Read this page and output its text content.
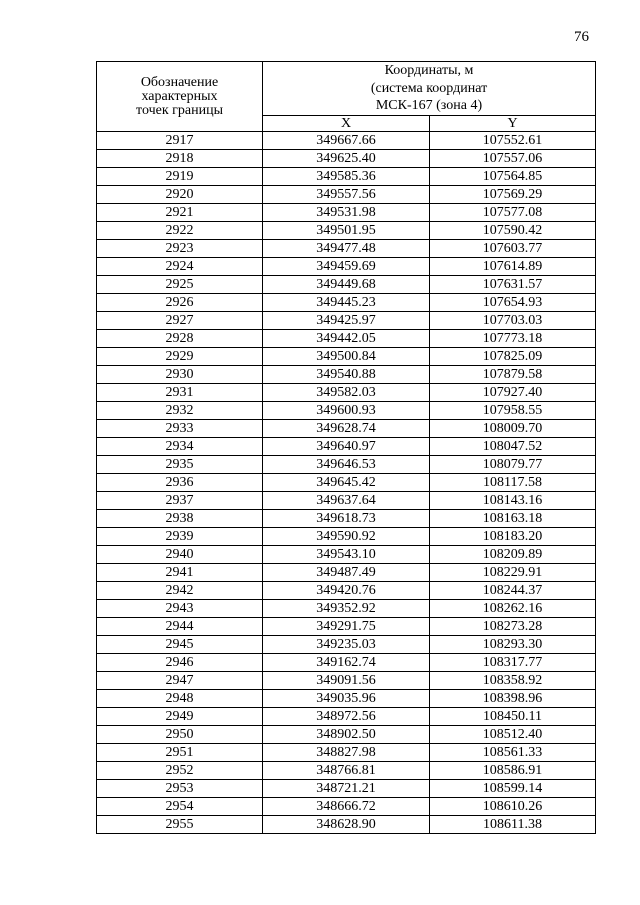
76
Обозначение
характерных
точек границы	Координаты, м
(система координат
МСК-167 (зона 4)	

	X	Y
2917	349667.66	107552.61
2918	349625.40	107557.06
2919	349585.36	107564.85
2920	349557.56	107569.29
2921	349531.98	107577.08
2922	349501.95	107590.42
2923	349477.48	107603.77
2924	349459.69	107614.89
2925	349449.68	107631.57
2926	349445.23	107654.93
2927	349425.97	107703.03
2928	349442.05	107773.18
2929	349500.84	107825.09
2930	349540.88	107879.58
2931	349582.03	107927.40
2932	349600.93	107958.55
2933	349628.74	108009.70
2934	349640.97	108047.52
2935	349646.53	108079.77
2936	349645.42	108117.58
2937	349637.64	108143.16
2938	349618.73	108163.18
2939	349590.92	108183.20
2940	349543.10	108209.89
2941	349487.49	108229.91
2942	349420.76	108244.37
2943	349352.92	108262.16
2944	349291.75	108273.28
2945	349235.03	108293.30
2946	349162.74	108317.77
2947	349091.56	108358.92
2948	349035.96	108398.96
2949	348972.56	108450.11
2950	348902.50	108512.40
2951	348827.98	108561.33
2952	348766.81	108586.91
2953	348721.21	108599.14
2954	348666.72	108610.26
2955	348628.90	108611.38
